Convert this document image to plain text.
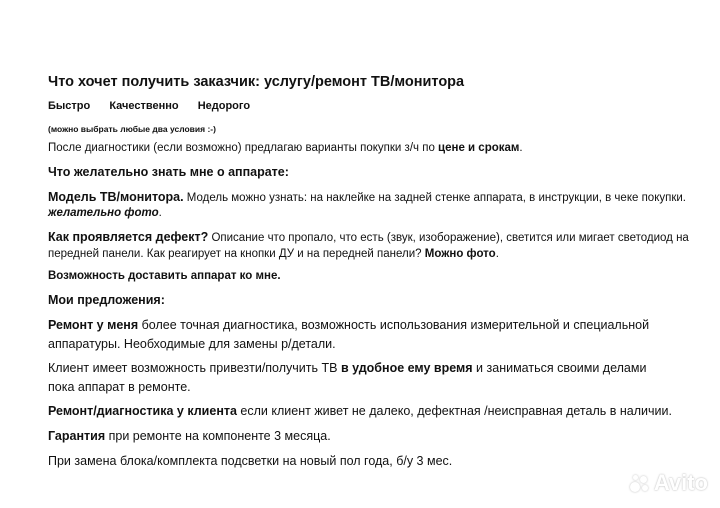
Что хочет получить заказчик: услугу/ремонт ТВ/монитора
Быстро Качественно Недорого
(можно выбрать любые два условия :-)
После диагностики (если возможно) предлагаю варианты покупки з/ч по цене и срокам.
Что желательно знать мне о аппарате:
Модель ТВ/монитора. Модель можно узнать: на наклейке на задней стенке аппарата, в инструкции, в чеке покупки.
желательно фото.
Как проявляется дефект? Описание что пропало, что есть (звук, изоборажение), светится или мигает светодиод на
передней панели. Как реагирует на кнопки ДУ и на передней панели? Можно фото.
Возможность доставить аппарат ко мне.
Мои предложения:
Ремонт у меня более точная диагностика, возможность использования измерительной и специальной
аппаратуры. Необходимые для замены р/детали.
Клиент имеет возможность привезти/получить ТВ в удобное ему время и заниматься своими делами
пока аппарат в ремонте.
Ремонт/диагностика у клиента если клиент живет не далеко, дефектная /неисправная деталь в наличии.
Гарантия при ремонте на компоненте 3 месяца.
При замена блока/комплекта подсветки на новый пол года, б/у 3 мес.
Avito
